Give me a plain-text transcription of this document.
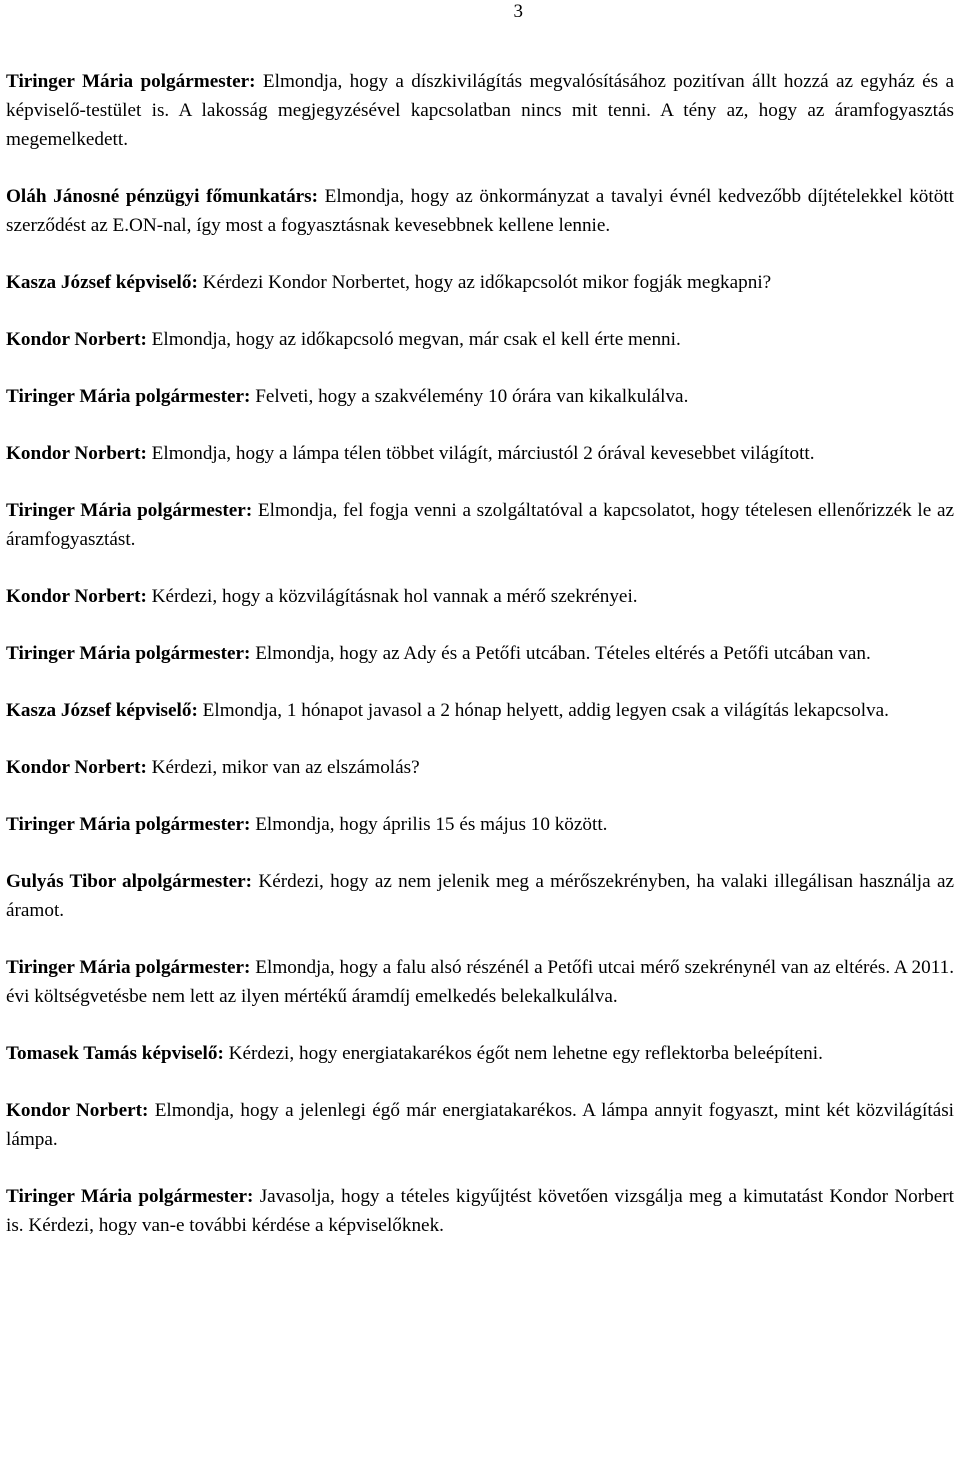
3

Tiringer Mária polgármester: Elmondja, hogy a díszkivilágítás megvalósításához pozitívan állt hozzá az egyház és a képviselő-testület is. A lakosság megjegyzésével kapcsolatban nincs mit tenni. A tény az, hogy az áramfogyasztás megemelkedett.

Oláh Jánosné pénzügyi főmunkatárs: Elmondja, hogy az önkormányzat a tavalyi évnél kedvezőbb díjtételekkel kötött szerződést az E.ON-nal, így most a fogyasztásnak kevesebbnek kellene lennie.

Kasza József képviselő: Kérdezi Kondor Norbertet, hogy az időkapcsolót mikor fogják megkapni?

Kondor Norbert: Elmondja, hogy az időkapcsoló megvan, már csak el kell érte menni.

Tiringer Mária polgármester: Felveti, hogy a szakvélemény 10 órára van kikalkulálva.

Kondor Norbert: Elmondja, hogy a lámpa télen többet világít, márciustól 2 órával kevesebbet világított.

Tiringer Mária polgármester: Elmondja, fel fogja venni a szolgáltatóval a kapcsolatot, hogy tételesen ellenőrizzék le az áramfogyasztást.

Kondor Norbert: Kérdezi, hogy a közvilágításnak hol vannak a mérő szekrényei.

Tiringer Mária polgármester: Elmondja, hogy az Ady és a Petőfi utcában. Tételes eltérés a Petőfi utcában van.

Kasza József képviselő: Elmondja, 1 hónapot javasol a 2 hónap helyett, addig legyen csak a világítás lekapcsolva.

Kondor Norbert: Kérdezi, mikor van az elszámolás?

Tiringer Mária polgármester: Elmondja, hogy április 15 és május 10 között.

Gulyás Tibor alpolgármester: Kérdezi, hogy az nem jelenik meg a mérőszekrényben, ha valaki illegálisan használja az áramot.

Tiringer Mária polgármester: Elmondja, hogy a falu alsó részénél a Petőfi utcai mérő szekrénynél van az eltérés. A 2011. évi költségvetésbe nem lett az ilyen mértékű áramdíj emelkedés belekalkulálva.

Tomasek Tamás képviselő: Kérdezi, hogy energiatakarékos égőt nem lehetne egy reflektorba beleépíteni.

Kondor Norbert: Elmondja, hogy a jelenlegi égő már energiatakarékos. A lámpa annyit fogyaszt, mint két közvilágítási lámpa.

Tiringer Mária polgármester: Javasolja, hogy a tételes kigyűjtést követően vizsgálja meg a kimutatást Kondor Norbert is. Kérdezi, hogy van-e további kérdése a képviselőknek.
